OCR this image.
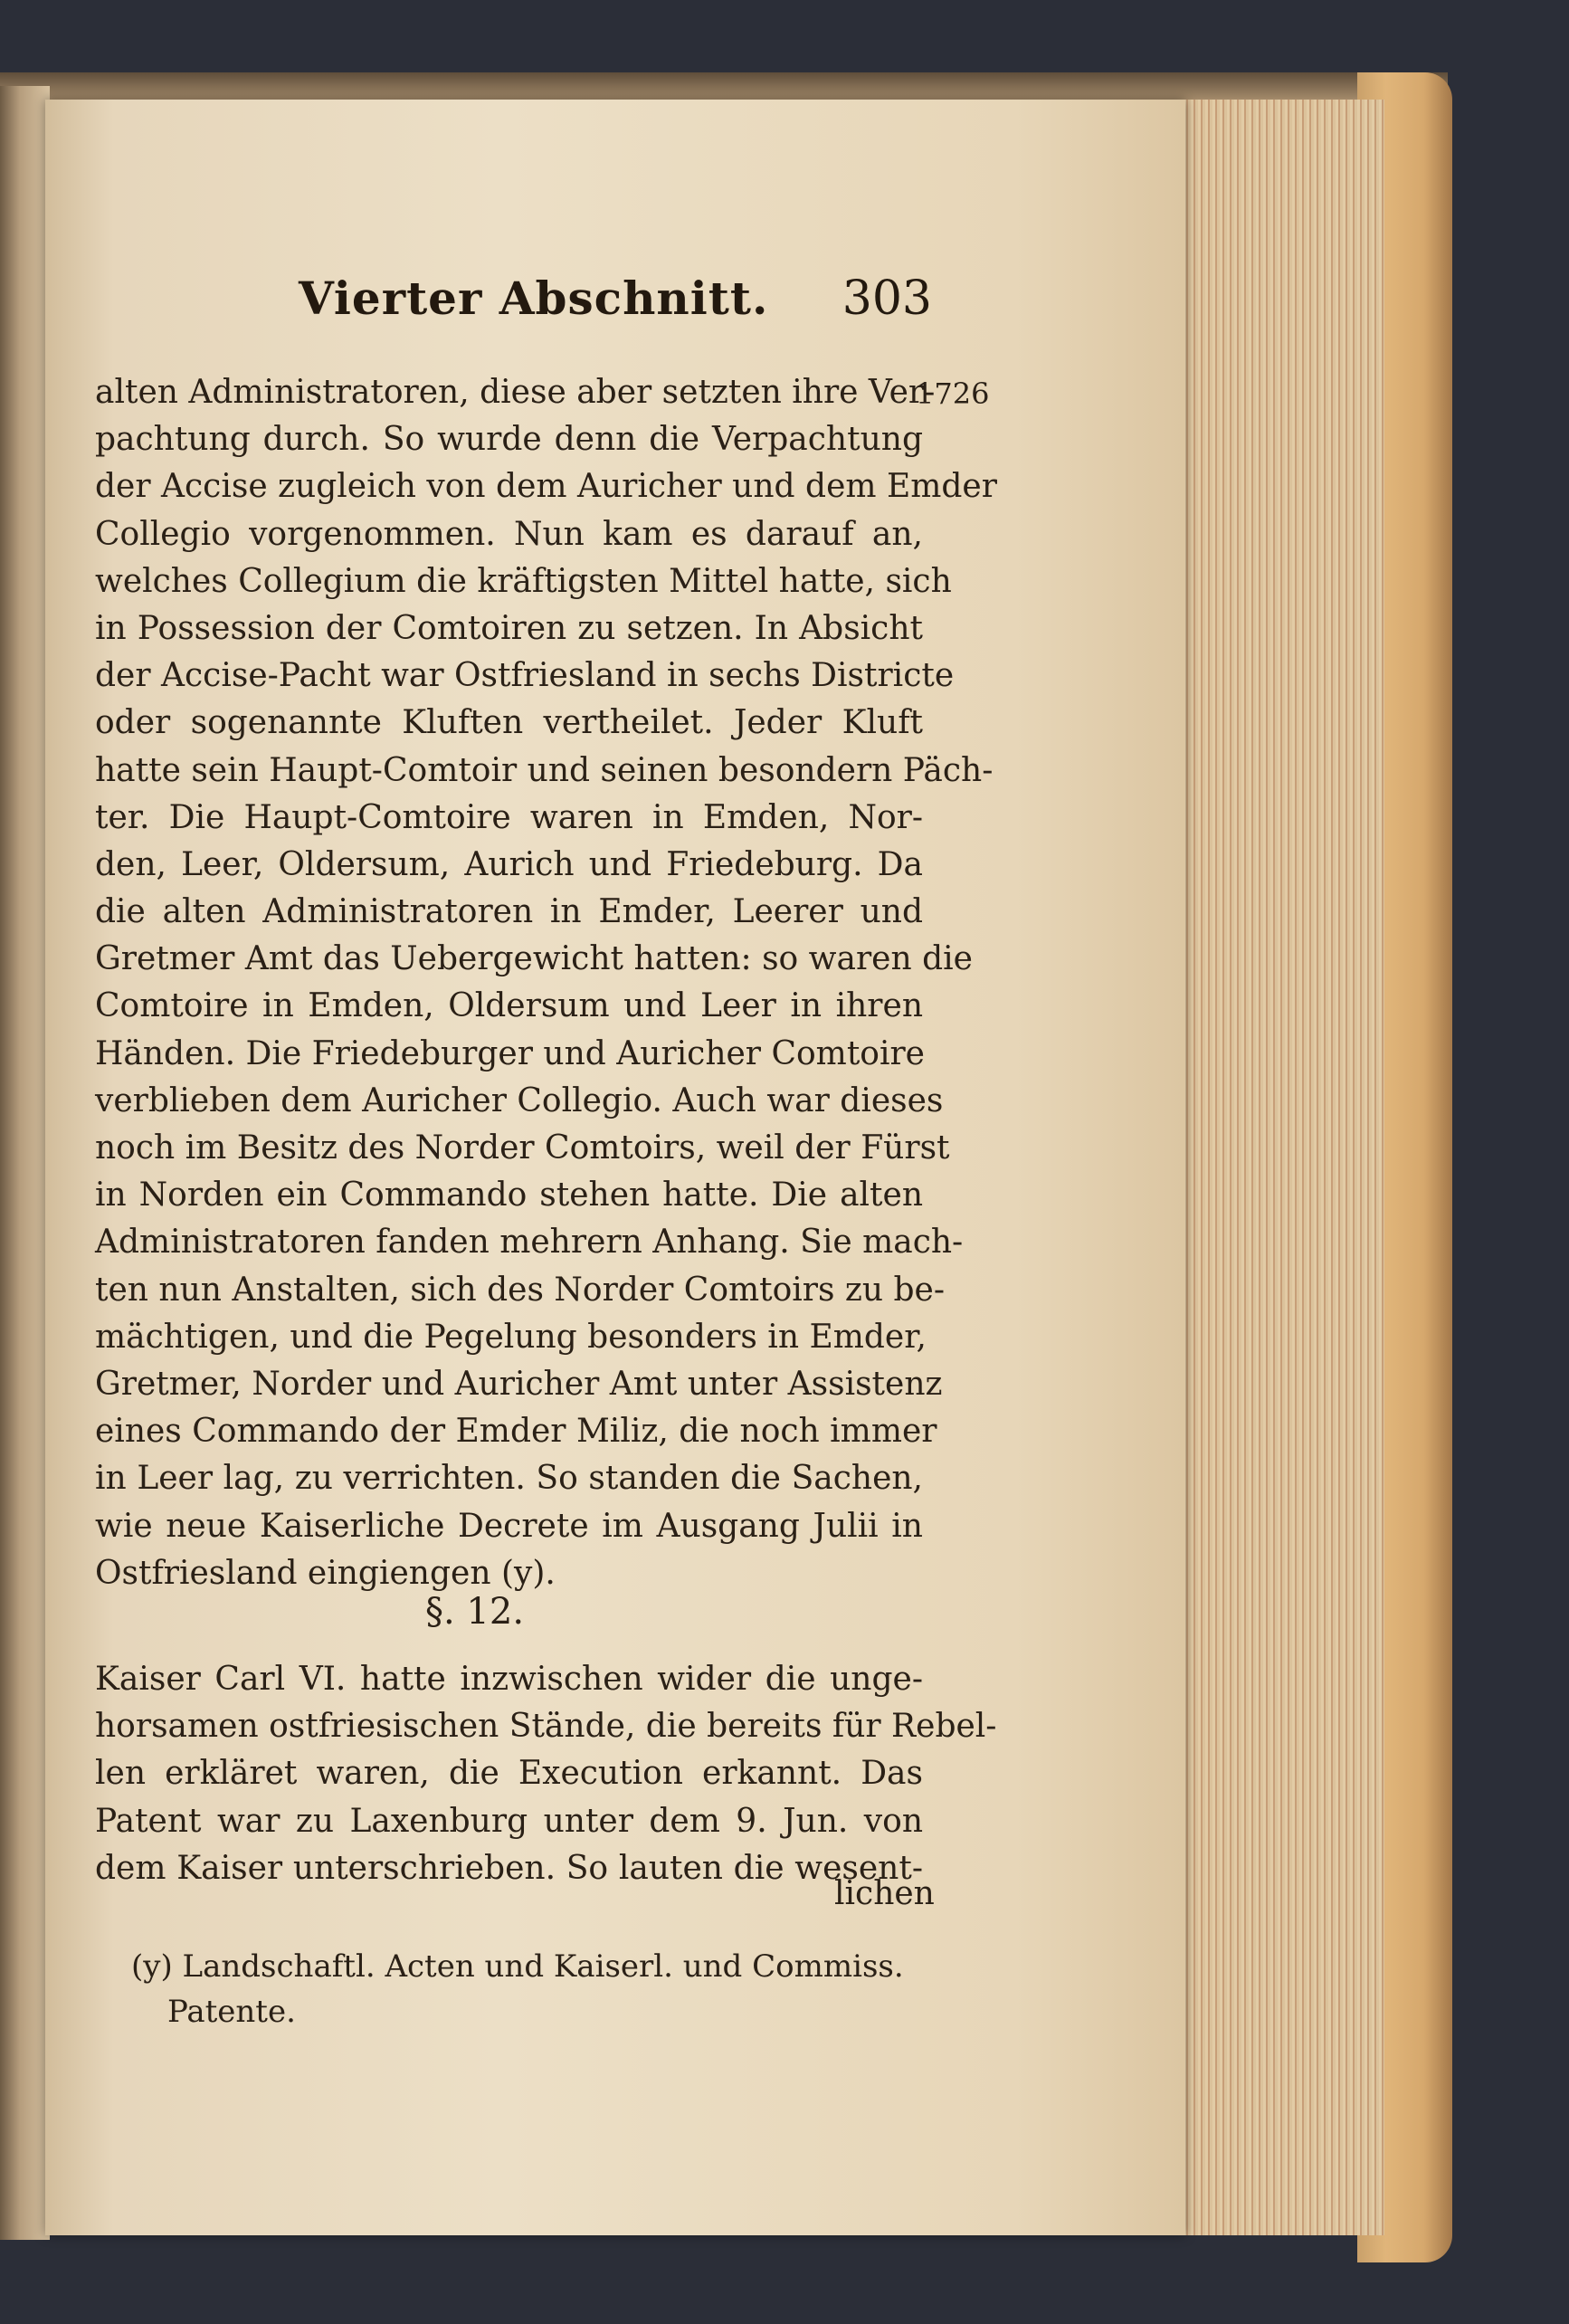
Vierter Abschnitt. 303
1726
alten Administratoren, diese aber setzten ihre Ver-
pachtung durch. So wurde denn die Verpachtung
der Accise zugleich von dem Auricher und dem Emder
Collegio vorgenommen. Nun kam es darauf an,
welches Collegium die kräftigsten Mittel hatte, sich
in Possession der Comtoiren zu setzen. In Absicht
der Accise-Pacht war Ostfriesland in sechs Districte
oder sogenannte Kluften vertheilet. Jeder Kluft
hatte sein Haupt-Comtoir und seinen besondern Päch-
ter. Die Haupt-Comtoire waren in Emden, Nor-
den, Leer, Oldersum, Aurich und Friedeburg. Da
die alten Administratoren in Emder, Leerer und
Gretmer Amt das Uebergewicht hatten: so waren die
Comtoire in Emden, Oldersum und Leer in ihren
Händen. Die Friedeburger und Auricher Comtoire
verblieben dem Auricher Collegio. Auch war dieses
noch im Besitz des Norder Comtoirs, weil der Fürst
in Norden ein Commando stehen hatte. Die alten
Administratoren fanden mehrern Anhang. Sie mach-
ten nun Anstalten, sich des Norder Comtoirs zu be-
mächtigen, und die Pegelung besonders in Emder,
Gretmer, Norder und Auricher Amt unter Assistenz
eines Commando der Emder Miliz, die noch immer
in Leer lag, zu verrichten. So standen die Sachen,
wie neue Kaiserliche Decrete im Ausgang Julii in
Ostfriesland eingiengen (y).
§. 12.
Kaiser Carl VI. hatte inzwischen wider die unge-
horsamen ostfriesischen Stände, die bereits für Rebel-
len erkläret waren, die Execution erkannt. Das
Patent war zu Laxenburg unter dem 9. Jun. von
dem Kaiser unterschrieben. So lauten die wesent-
lichen
(y) Landschaftl. Acten und Kaiserl. und Commiss.
Patente.
